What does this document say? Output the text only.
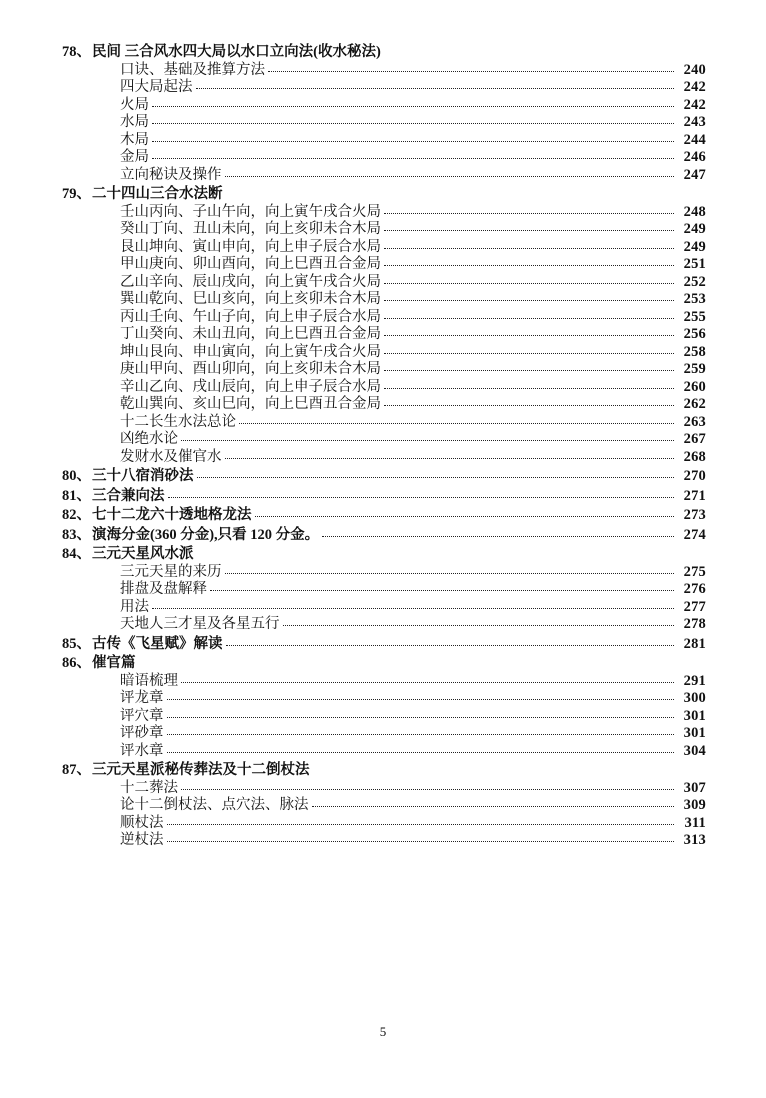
78、 民间 三合风水四大局以水口立向法(收水秘法)
口诀、基础及推算方法	240
四大局起法	242
火局	242
水局	243
木局	244
金局	246
立向秘诀及操作	247
79、 二十四山三合水法断
壬山丙向、子山午向，向上寅午戌合火局	248
癸山丁向、丑山未向，向上亥卯未合木局	249
艮山坤向、寅山申向，向上申子辰合水局	249
甲山庚向、卯山酉向，向上巳酉丑合金局	251
乙山辛向、辰山戌向，向上寅午戌合火局	252
巽山乾向、巳山亥向，向上亥卯未合木局	253
丙山壬向、午山子向，向上申子辰合水局	255
丁山癸向、未山丑向，向上巳酉丑合金局	256
坤山艮向、申山寅向，向上寅午戌合火局	258
庚山甲向、酉山卯向，向上亥卯未合木局	259
辛山乙向、戌山辰向，向上申子辰合水局	260
乾山巽向、亥山巳向，向上巳酉丑合金局	262
十二长生水法总论	263
凶绝水论	267
发财水及催官水	268
80、 三十八宿消砂法	270
81、 三合兼向法	271
82、 七十二龙六十透地格龙法	273
83、 演海分金(360 分金),只看 120 分金。	274
84、 三元天星风水派
三元天星的来历	275
排盘及盘解释	276
用法	277
天地人三才星及各星五行	278
85、 古传《飞星赋》解读	281
86、 催官篇
暗语梳理	291
评龙章	300
评穴章	301
评砂章	301
评水章	304
87、 三元天星派秘传葬法及十二倒杖法
十二葬法	307
论十二倒杖法、点穴法、脉法	309
顺杖法	311
逆杖法	313
5
